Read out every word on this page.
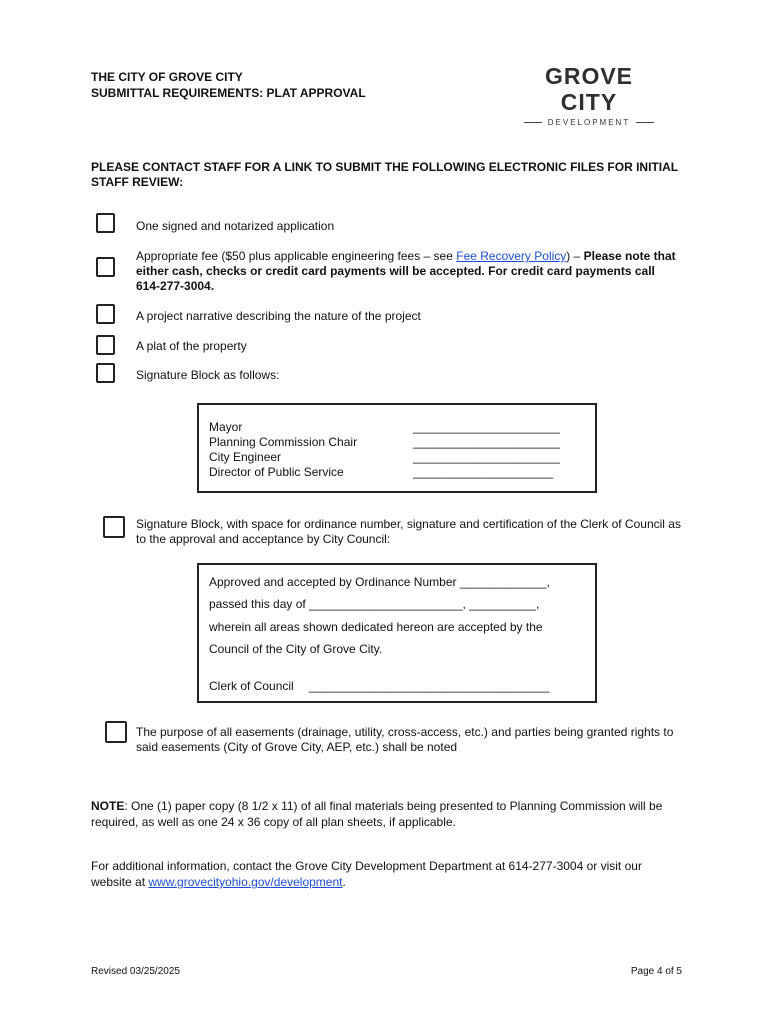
THE CITY OF GROVE CITY
SUBMITTAL REQUIREMENTS: PLAT APPROVAL
GROVE CITY
DEVELOPMENT
PLEASE CONTACT STAFF FOR A LINK TO SUBMIT THE FOLLOWING ELECTRONIC FILES FOR INITIAL STAFF REVIEW:
One signed and notarized application
Appropriate fee ($50 plus applicable engineering fees – see Fee Recovery Policy) – Please note that either cash, checks or credit card payments will be accepted. For credit card payments call 614-277-3004.
A project narrative describing the nature of the project
A plat of the property
Signature Block as follows:
Mayor
Planning Commission Chair
City Engineer
Director of Public Service
______________________
______________________
______________________
_____________________
Signature Block, with space for ordinance number, signature and certification of the Clerk of Council as to the approval and acceptance by City Council:
Approved and accepted by Ordinance Number _____________,
passed this day of _______________________, __________,
wherein all areas shown dedicated hereon are accepted by the
Council of the City of Grove City.
Clerk of Council ____________________________________
The purpose of all easements (drainage, utility, cross-access, etc.) and parties being granted rights to said easements (City of Grove City, AEP, etc.) shall be noted
NOTE: One (1) paper copy (8 1/2 x 11) of all final materials being presented to Planning Commission will be required, as well as one 24 x 36 copy of all plan sheets, if applicable.
For additional information, contact the Grove City Development Department at 614-277-3004 or visit our website at www.grovecityohio.gov/development.
Revised 03/25/2025	Page 4 of 5
